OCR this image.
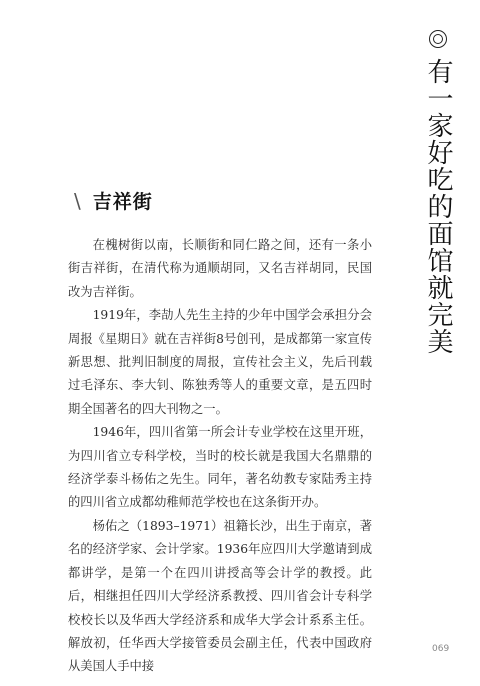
有一家好吃的面馆就完美
\ 吉祥街

在槐树街以南，长顺街和同仁路之间，还有一条小街吉祥街，在清代称为通顺胡同，又名吉祥胡同，民国改为吉祥街。

1919年，李劼人先生主持的少年中国学会承担分会周报《星期日》就在吉祥街8号创刊，是成都第一家宣传新思想、批判旧制度的周报，宣传社会主义，先后刊载过毛泽东、李大钊、陈独秀等人的重要文章，是五四时期全国著名的四大刊物之一。

1946年，四川省第一所会计专业学校在这里开班，为四川省立专科学校，当时的校长就是我国大名鼎鼎的经济学泰斗杨佑之先生。同年，著名幼教专家陆秀主持的四川省立成都幼稚师范学校也在这条街开办。

杨佑之（1893–1971）祖籍长沙，出生于南京，著名的经济学家、会计学家。1936年应四川大学邀请到成都讲学，是第一个在四川讲授高等会计学的教授。此后，相继担任四川大学经济系教授、四川省会计专科学校校长以及华西大学经济系和成华大学会计系系主任。解放初，任华西大学接管委员会副主任，代表中国政府从美国人手中接

069
